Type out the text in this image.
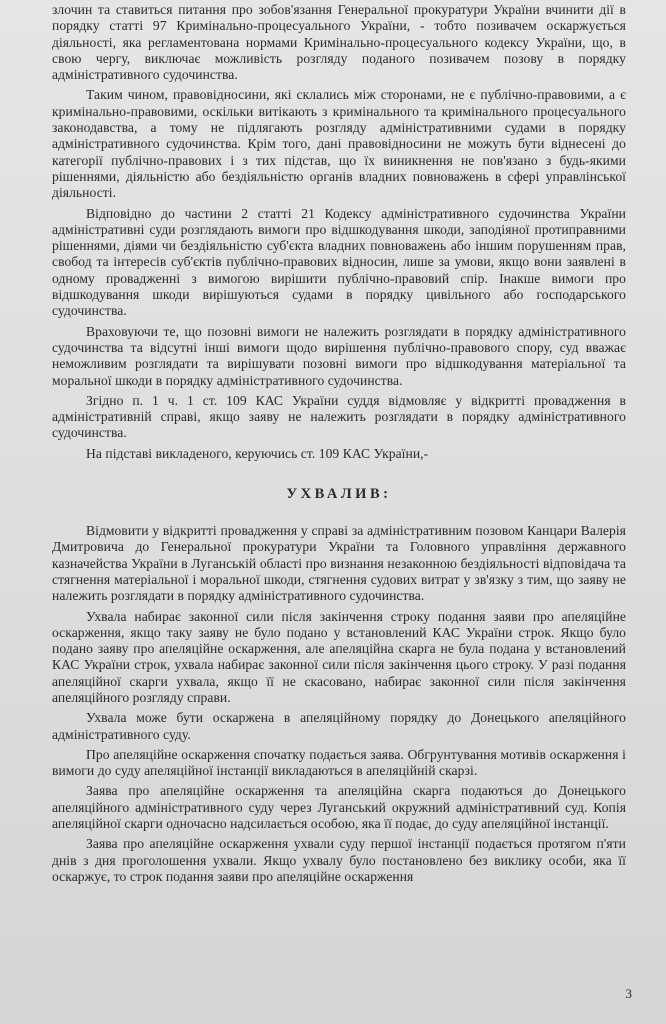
злочин та ставиться питання про зобов'язання Генеральної прокуратури України вчинити дії в порядку статті 97 Кримінально-процесуального України, - тобто позивачем оскаржується діяльності, яка регламентована нормами Кримінально-процесуального кодексу України, що, в свою чергу, виключає можливість розгляду поданого позивачем позову в порядку адміністративного судочинства.

Таким чином, правовідносини, які склались між сторонами, не є публічно-правовими, а є кримінально-правовими, оскільки витікають з кримінального та кримінального процесуального законодавства, а тому не підлягають розгляду адміністративними судами в порядку адміністративного судочинства. Крім того, дані правовідносини не можуть бути віднесені до категорії публічно-правових і з тих підстав, що їх виникнення не пов'язано з будь-якими рішеннями, діяльністю або бездіяльністю органів владних повноважень в сфері управлінської діяльності.

Відповідно до частини 2 статті 21 Кодексу адміністративного судочинства України адміністративні суди розглядають вимоги про відшкодування шкоди, заподіяної протиправними рішеннями, діями чи бездіяльністю суб'єкта владних повноважень або іншим порушенням прав, свобод та інтересів суб'єктів публічно-правових відносин, лише за умови, якщо вони заявлені в одному провадженні з вимогою вирішити публічно-правовий спір. Інакше вимоги про відшкодування шкоди вирішуються судами в порядку цивільного або господарського судочинства.

Враховуючи те, що позовні вимоги не належить розглядати в порядку адміністративного судочинства та відсутні інші вимоги щодо вирішення публічно-правового спору, суд вважає неможливим розглядати та вирішувати позовні вимоги про відшкодування матеріальної та моральної шкоди в порядку адміністративного судочинства.

Згідно п. 1 ч. 1 ст. 109 КАС України суддя відмовляє у відкритті провадження в адміністративній справі, якщо заяву не належить розглядати в порядку адміністративного судочинства.

На підставі викладеного, керуючись ст. 109 КАС України,-

УХВАЛИВ:

Відмовити у відкритті провадження у справі за адміністративним позовом Канцари Валерія Дмитровича до Генеральної прокуратури України та Головного управління державного казначейства України в Луганській області про визнання незаконною бездіяльності відповідача та стягнення матеріальної і моральної шкоди, стягнення судових витрат у зв'язку з тим, що заяву не належить розглядати в порядку адміністративного судочинства.

Ухвала набирає законної сили після закінчення строку подання заяви про апеляційне оскарження, якщо таку заяву не було подано у встановлений КАС України строк. Якщо було подано заяву про апеляційне оскарження, але апеляційна скарга не була подана у встановлений КАС України строк, ухвала набирає законної сили після закінчення цього строку. У разі подання апеляційної скарги ухвала, якщо її не скасовано, набирає законної сили після закінчення апеляційного розгляду справи.

Ухвала може бути оскаржена в апеляційному порядку до Донецького апеляційного адміністративного суду.

Про апеляційне оскарження спочатку подається заява. Обгрунтування мотивів оскарження і вимоги до суду апеляційної інстанції викладаються в апеляційній скарзі.

Заява про апеляційне оскарження та апеляційна скарга подаються до Донецького апеляційного адміністративного суду через Луганський окружний адміністративний суд. Копія апеляційної скарги одночасно надсилається особою, яка її подає, до суду апеляційної інстанції.

Заява про апеляційне оскарження ухвали суду першої інстанції подається протягом п'яти днів з дня проголошення ухвали. Якщо ухвалу було постановлено без виклику особи, яка її оскаржує, то строк подання заяви про апеляційне оскарження

3
